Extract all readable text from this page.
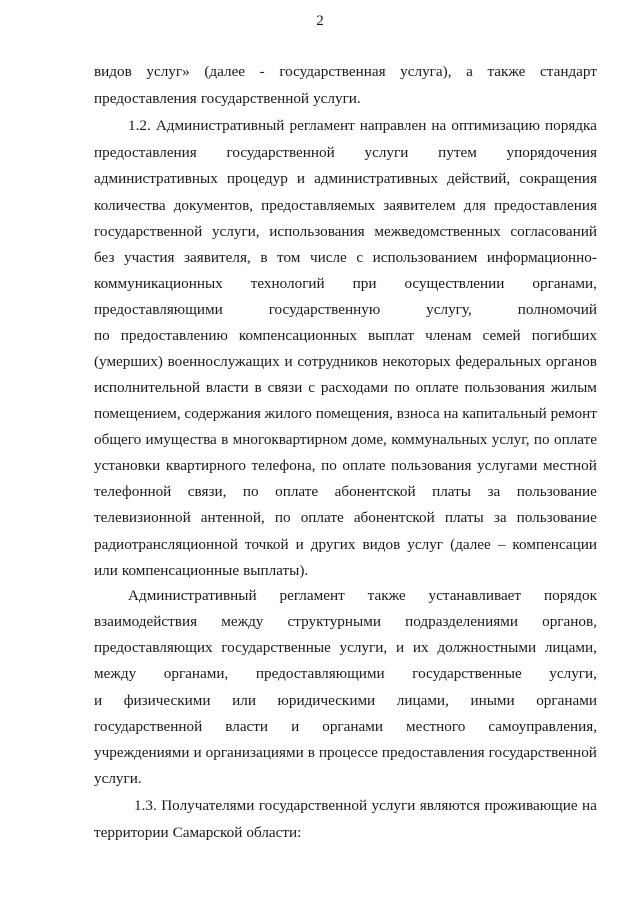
2
видов услуг» (далее - государственная услуга), а также стандарт
предоставления государственной услуги.
1.2. Административный регламент направлен на оптимизацию порядка
предоставления государственной услуги путем упорядочения
административных процедур и административных действий, сокращения
количества документов, предоставляемых заявителем для предоставления
государственной услуги, использования межведомственных согласований
без участия заявителя, в том числе с использованием информационно-
коммуникационных технологий при осуществлении органами,
предоставляющими	государственную	услугу,	полномочий
по предоставлению компенсационных выплат членам семей погибших
(умерших) военнослужащих и сотрудников некоторых федеральных органов
исполнительной власти в связи с расходами по оплате пользования жилым
помещением, содержания жилого помещения, взноса на капитальный ремонт
общего имущества в многоквартирном доме, коммунальных услуг, по оплате
установки квартирного телефона, по оплате пользования услугами местной
телефонной связи, по оплате абонентской платы за пользование
телевизионной антенной, по оплате абонентской платы за пользование
радиотрансляционной точкой и других видов услуг (далее – компенсации
или компенсационные выплаты).
Административный регламент также устанавливает порядок
взаимодействия между структурными подразделениями органов,
предоставляющих государственные услуги, и их должностными лицами,
между органами, предоставляющими государственные услуги,
и физическими или юридическими лицами, иными органами
государственной власти и органами местного самоуправления,
учреждениями и организациями в процессе предоставления государственной
услуги.
1.3. Получателями государственной услуги являются проживающие на
территории Самарской области:
